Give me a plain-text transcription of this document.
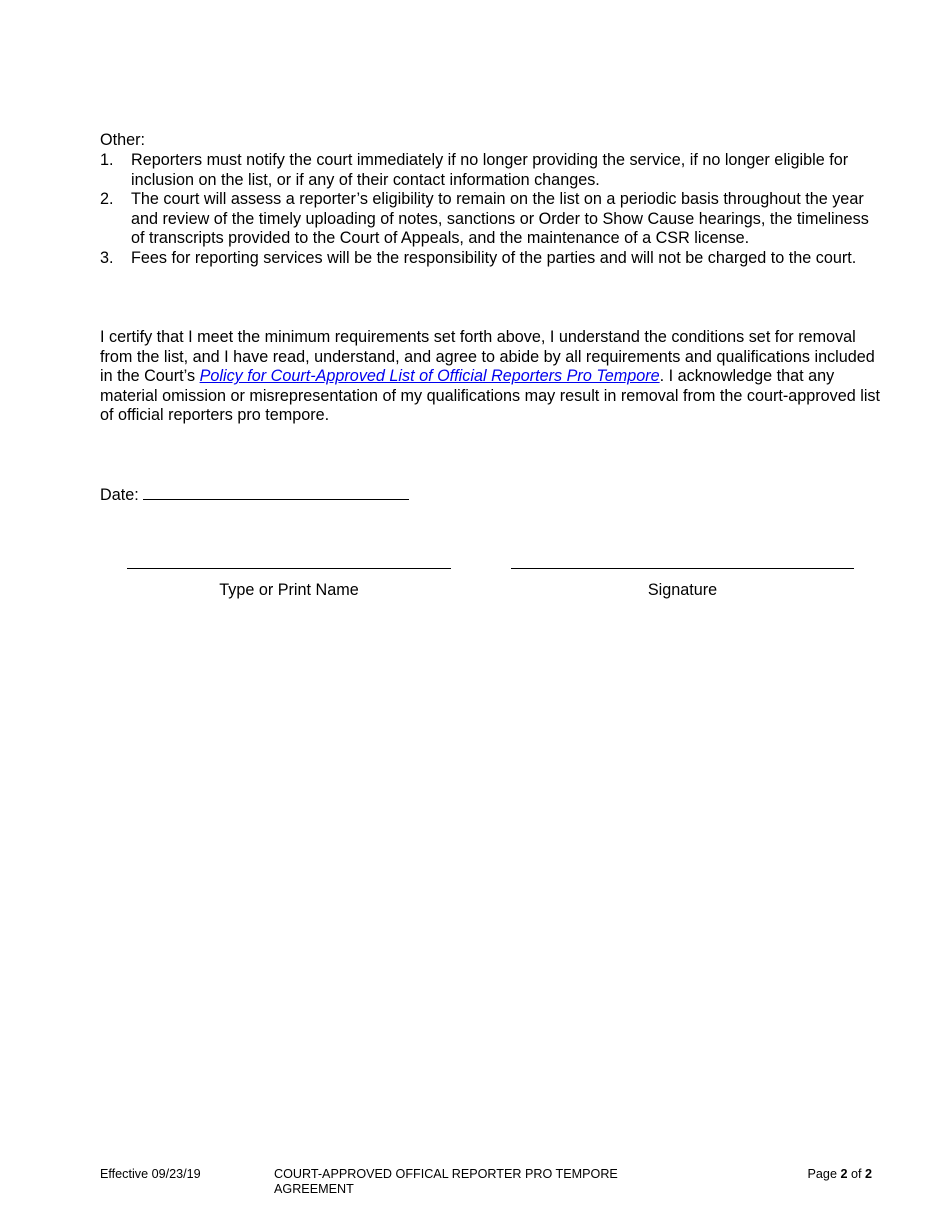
Other:
1. Reporters must notify the court immediately if no longer providing the service, if no longer eligible for inclusion on the list, or if any of their contact information changes.
2. The court will assess a reporter’s eligibility to remain on the list on a periodic basis throughout the year and review of the timely uploading of notes, sanctions or Order to Show Cause hearings, the timeliness of transcripts provided to the Court of Appeals, and the maintenance of a CSR license.
3. Fees for reporting services will be the responsibility of the parties and will not be charged to the court.

I certify that I meet the minimum requirements set forth above, I understand the conditions set for removal from the list, and I have read, understand, and agree to abide by all requirements and qualifications included in the Court’s Policy for Court-Approved List of Official Reporters Pro Tempore. I acknowledge that any material omission or misrepresentation of my qualifications may result in removal from the court-approved list of official reporters pro tempore.

Date:
Type or Print Name	Signature
Effective 09/23/19	COURT-APPROVED OFFICAL REPORTER PRO TEMPORE AGREEMENT
Page 2 of 2
